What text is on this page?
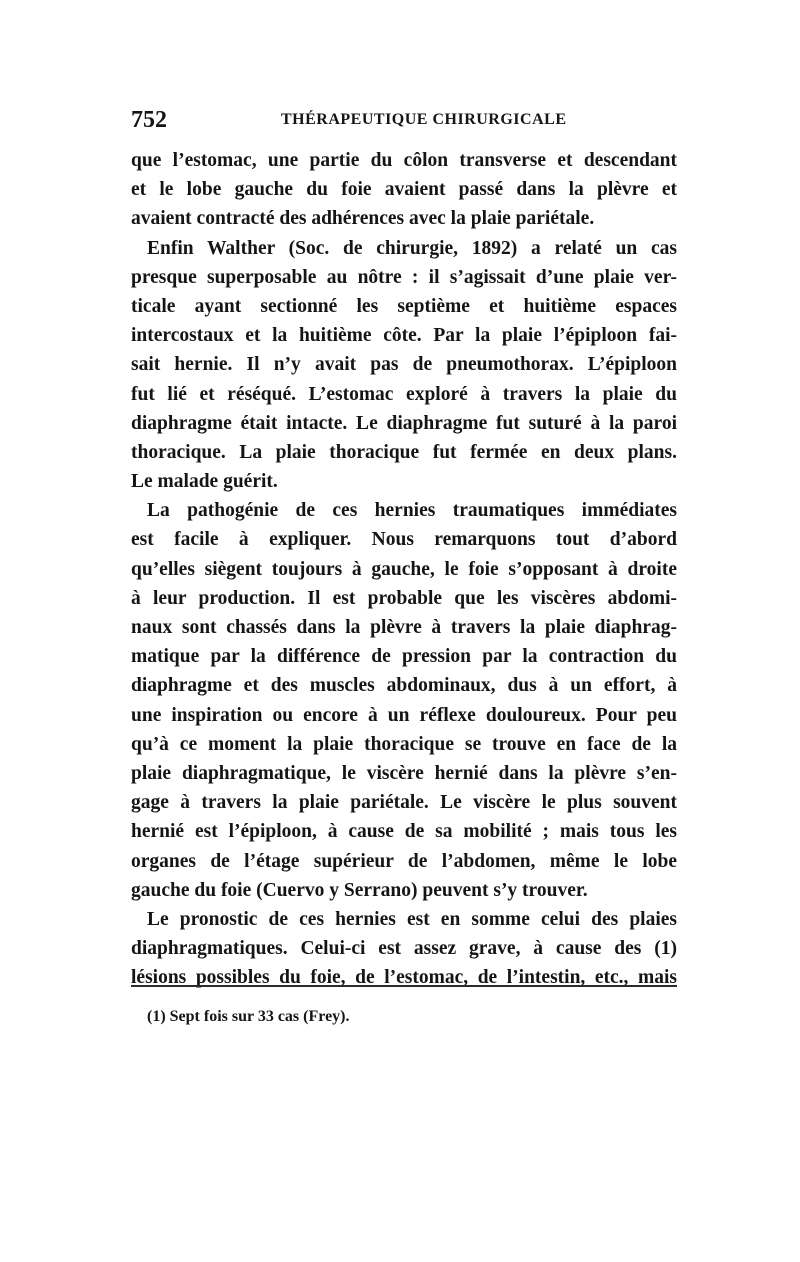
752	THÉRAPEUTIQUE CHIRURGICALE
que l’estomac, une partie du côlon transverse et descendant
et le lobe gauche du foie avaient passé dans la plèvre et
avaient contracté des adhérences avec la plaie pariétale.
Enfin Walther (Soc. de chirurgie, 1892) a relaté un cas
presque superposable au nôtre : il s’agissait d’une plaie ver-
ticale ayant sectionné les septième et huitième espaces
intercostaux et la huitième côte. Par la plaie l’épiploon fai-
sait hernie. Il n’y avait pas de pneumothorax. L’épiploon
fut lié et réséqué. L’estomac exploré à travers la plaie du
diaphragme était intacte. Le diaphragme fut suturé à la paroi
thoracique. La plaie thoracique fut fermée en deux plans.
Le malade guérit.
La pathogénie de ces hernies traumatiques immédiates
est facile à expliquer. Nous remarquons tout d’abord
qu’elles siègent toujours à gauche, le foie s’opposant à droite
à leur production. Il est probable que les viscères abdomi-
naux sont chassés dans la plèvre à travers la plaie diaphrag-
matique par la différence de pression par la contraction du
diaphragme et des muscles abdominaux, dus à un effort, à
une inspiration ou encore à un réflexe douloureux. Pour peu
qu’à ce moment la plaie thoracique se trouve en face de la
plaie diaphragmatique, le viscère hernié dans la plèvre s’en-
gage à travers la plaie pariétale. Le viscère le plus souvent
hernié est l’épiploon, à cause de sa mobilité ; mais tous les
organes de l’étage supérieur de l’abdomen, même le lobe
gauche du foie (Cuervo y Serrano) peuvent s’y trouver.
Le pronostic de ces hernies est en somme celui des plaies
diaphragmatiques. Celui-ci est assez grave, à cause des (1)
lésions possibles du foie, de l’estomac, de l’intestin, etc., mais
(1) Sept fois sur 33 cas (Frey).
